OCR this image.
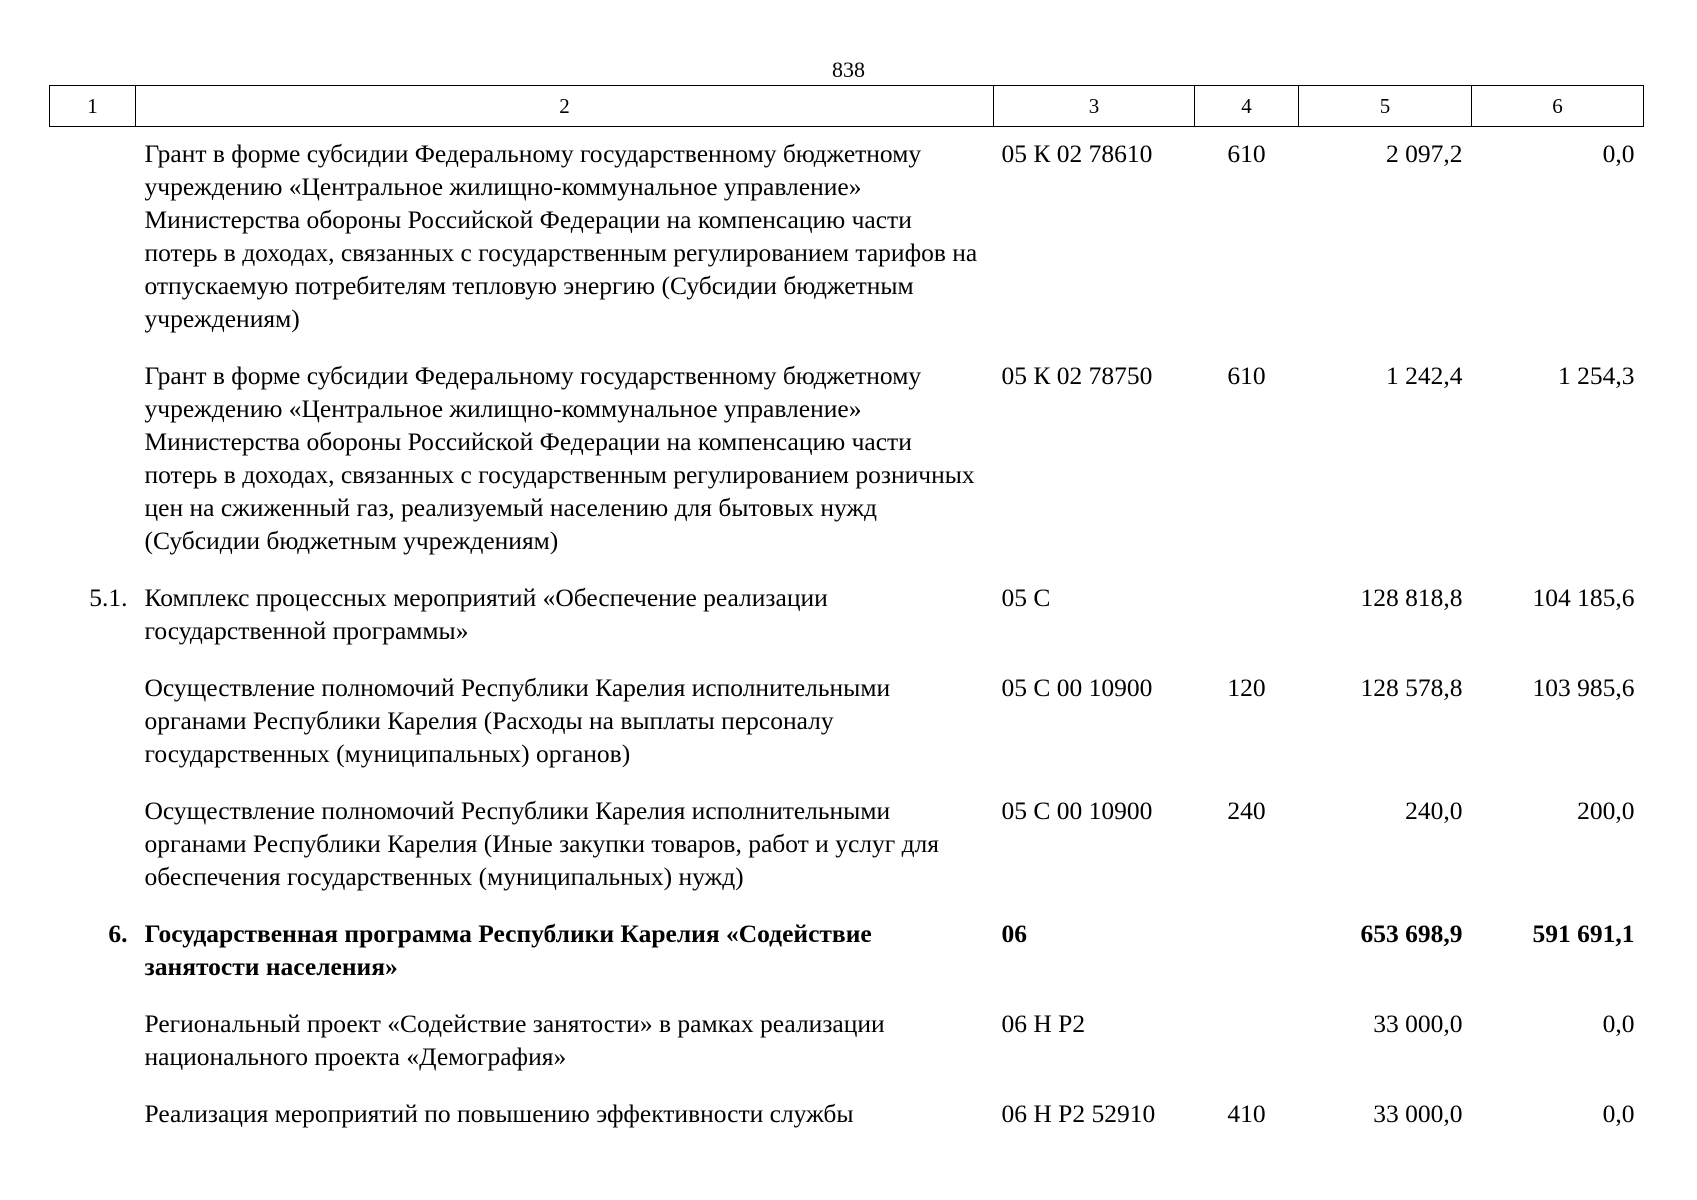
838
1	2	3	4	5	6
	Грант в форме субсидии Федеральному государственному бюджетному учреждению «Центральное жилищно-коммунальное управление» Министерства обороны Российской Федерации на компенсацию части потерь в доходах, связанных с государственным регулированием тарифов на отпускаемую потребителям тепловую энергию (Субсидии бюджетным учреждениям)	05 К 02 78610	610	2 097,2	0,0
	Грант в форме субсидии Федеральному государственному бюджетному учреждению «Центральное жилищно-коммунальное управление» Министерства обороны Российской Федерации на компенсацию части потерь в доходах, связанных с государственным регулированием розничных цен на сжиженный газ, реализуемый населению для бытовых нужд (Субсидии бюджетным учреждениям)	05 К 02 78750	610	1 242,4	1 254,3
5.1.	Комплекс процессных мероприятий «Обеспечение реализации государственной программы»	05 С		128 818,8	104 185,6
	Осуществление полномочий Республики Карелия исполнительными органами Республики Карелия (Расходы на выплаты персоналу государственных (муниципальных) органов)	05 С 00 10900	120	128 578,8	103 985,6
	Осуществление полномочий Республики Карелия исполнительными органами Республики Карелия (Иные закупки товаров, работ и услуг для обеспечения государственных (муниципальных) нужд)	05 С 00 10900	240	240,0	200,0
6.	Государственная программа Республики Карелия «Содействие занятости населения»	06		653 698,9	591 691,1
	Региональный проект «Содействие занятости» в рамках реализации национального проекта «Демография»	06 Н Р2		33 000,0	0,0
	Реализация мероприятий по повышению эффективности службы	06 Н Р2 52910	410	33 000,0	0,0
